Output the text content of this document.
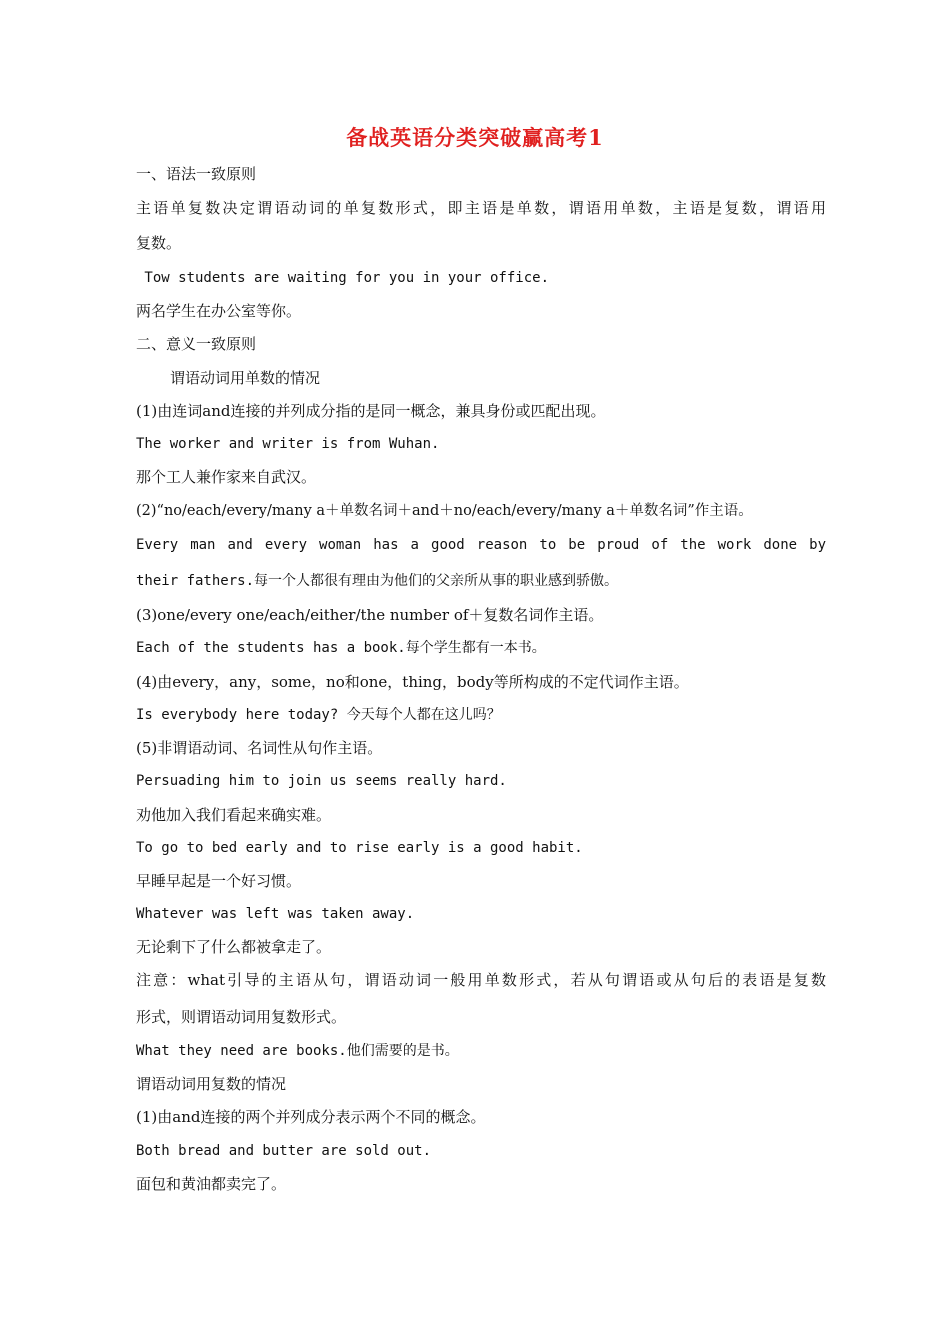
备战英语分类突破赢高考1
一、语法一致原则
主语单复数决定谓语动词的单复数形式，即主语是单数，谓语用单数，主语是复数，谓语用
复数。
Tow students are waiting for you in your office.
两名学生在办公室等你。
二、意义一致原则
谓语动词用单数的情况
(1)由连词and连接的并列成分指的是同一概念，兼具身份或匹配出现。
The worker and writer is from Wuhan.
那个工人兼作家来自武汉。
(2)“no/each/every/many a＋单数名词＋and＋no/each/every/many a＋单数名词”作主语。
Every man and every woman has a good reason to be proud of the work done by
their fathers.每一个人都很有理由为他们的父亲所从事的职业感到骄傲。
(3)one/every one/each/either/the number of＋复数名词作主语。
Each of the students has a book.每个学生都有一本书。
(4)由every，any，some，no和one，thing，body等所构成的不定代词作主语。
Is everybody here today? 今天每个人都在这儿吗？
(5)非谓语动词、名词性从句作主语。
Persuading him to join us seems really hard.
劝他加入我们看起来确实难。
To go to bed early and to rise early is a good habit.
早睡早起是一个好习惯。
Whatever was left was taken away.
无论剩下了什么都被拿走了。
注意：what引导的主语从句，谓语动词一般用单数形式，若从句谓语或从句后的表语是复数
形式，则谓语动词用复数形式。
What they need are books.他们需要的是书。
谓语动词用复数的情况
(1)由and连接的两个并列成分表示两个不同的概念。
Both bread and butter are sold out.
面包和黄油都卖完了。
